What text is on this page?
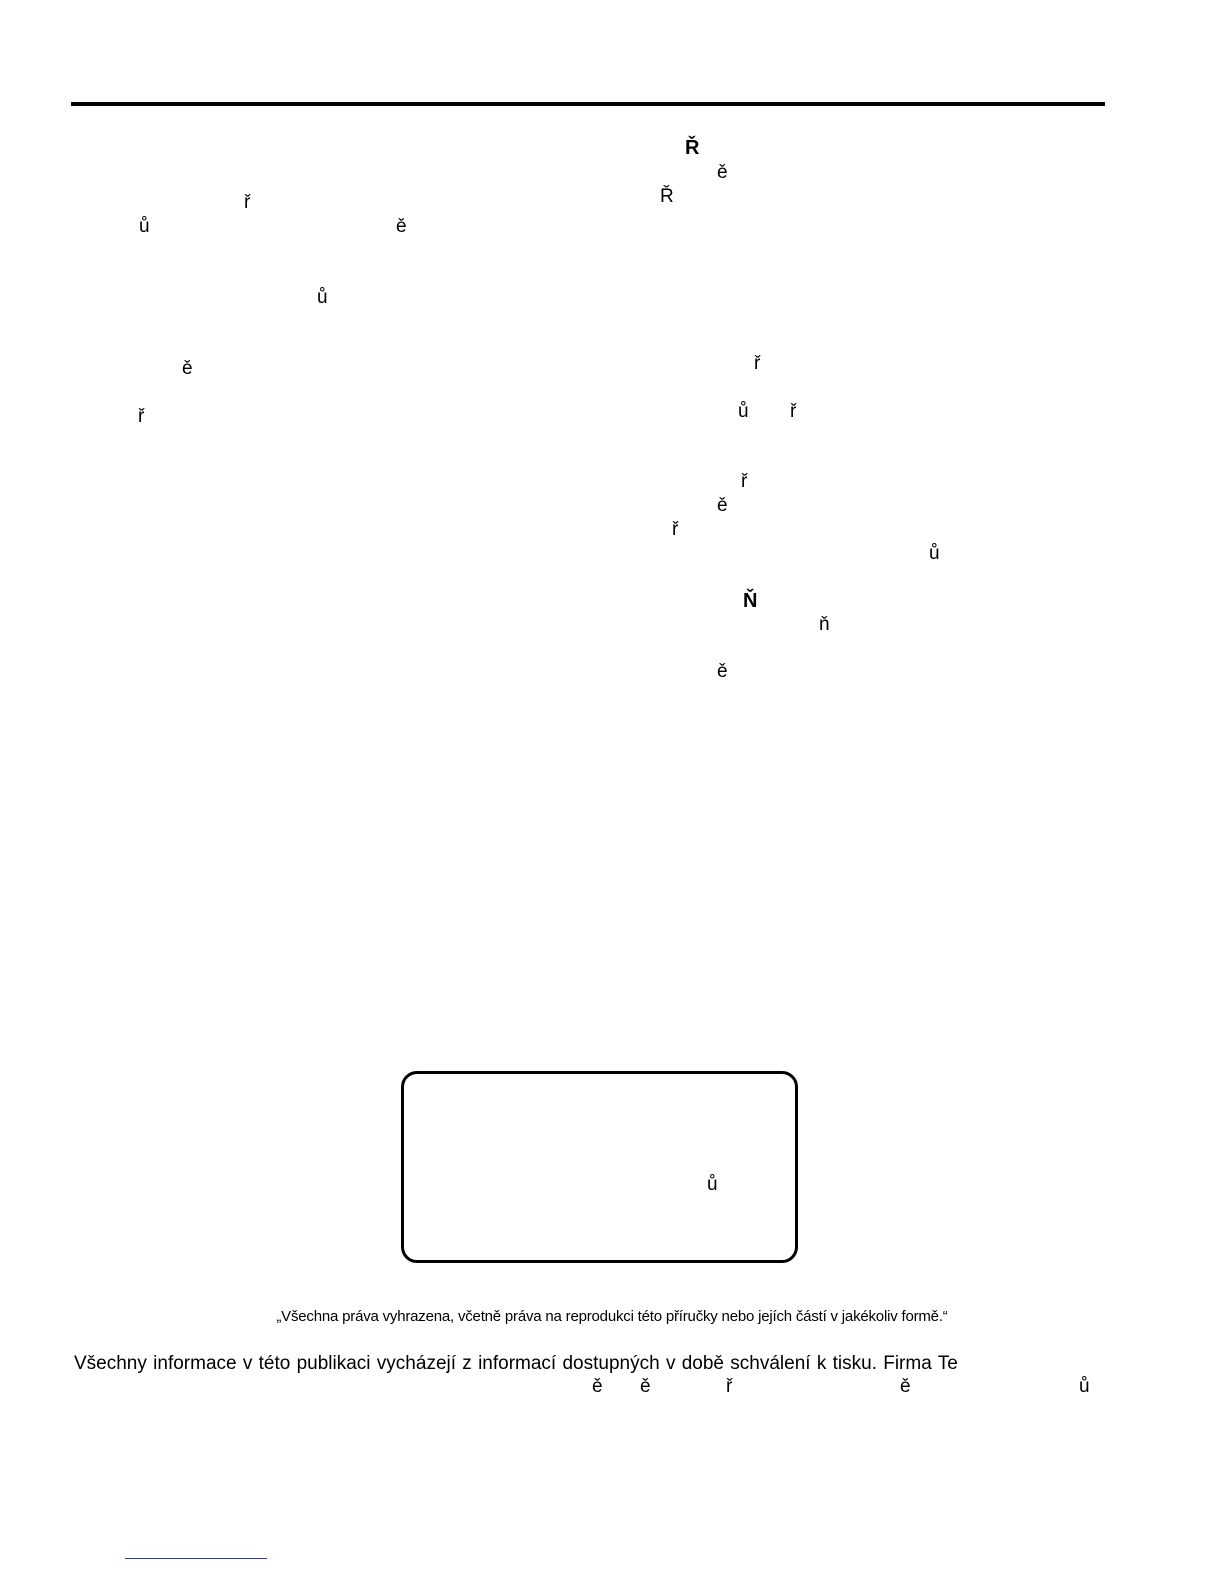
ř
ů	ě
ů
ě
ř
Ř
ě
Ř
ř
ů ř
ř
ě
ř
ů
Ň
ň
ě
ů
„Všechna práva vyhrazena, včetně práva na reprodukci této příručky nebo jejích částí v jakékoliv formě.“
Všechny informace v této publikaci vycházejí z informací dostupných v době schválení k tisku. Firma Te
ě ě	ř	ě	ů
